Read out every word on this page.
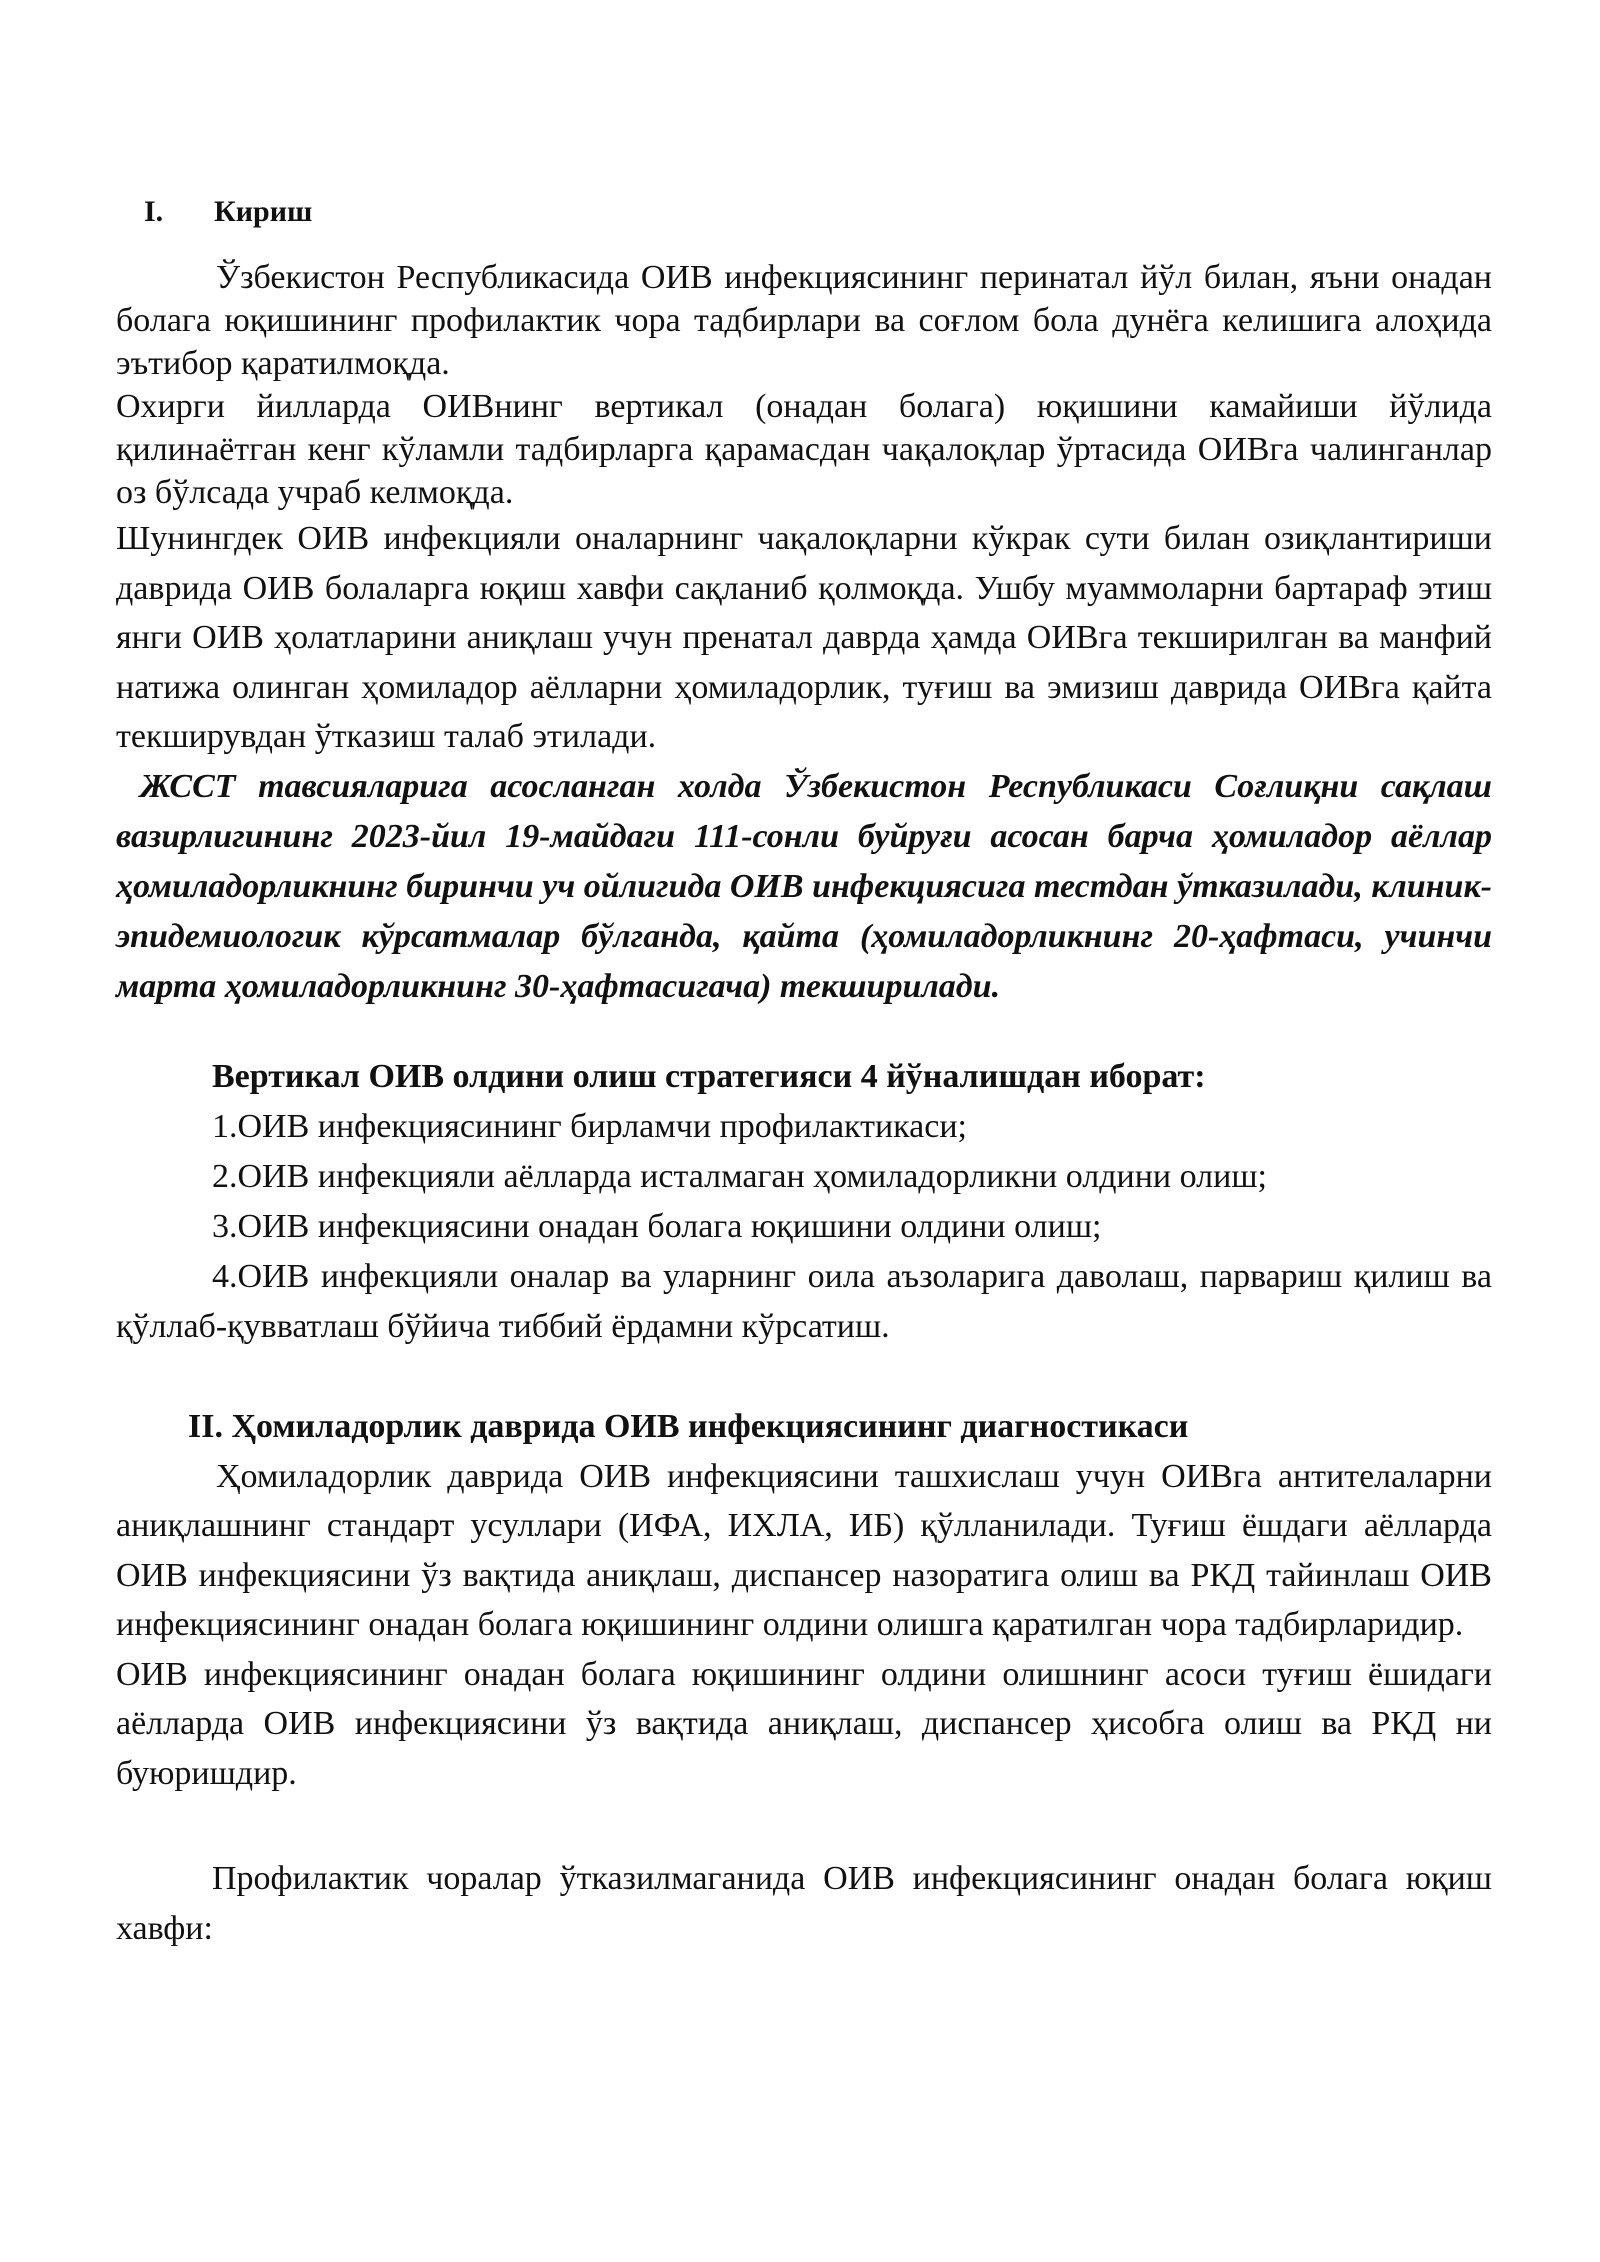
I.	Кириш

Ўзбекистон Республикасида ОИВ инфекциясининг перинатал йўл билан, яъни онадан болага юқишининг профилактик чора тадбирлари ва соғлом бола дунёга келишига алоҳида эътибор қаратилмоқда.

Охирги йилларда ОИВнинг вертикал (онадан болага) юқишини камайиши йўлида қилинаётган кенг кўламли тадбирларга қарамасдан чақалоқлар ўртасида ОИВга чалинганлар оз бўлсада учраб келмоқда.

Шунингдек ОИВ инфекцияли оналарнинг чақалоқларни кўкрак сути билан озиқлантириши даврида ОИВ болаларга юқиш хавфи сақланиб қолмоқда. Ушбу муаммоларни бартараф этиш янги ОИВ ҳолатларини аниқлаш учун пренатал даврда ҳамда ОИВга текширилган ва манфий натижа олинган ҳомиладор аёлларни ҳомиладорлик, туғиш ва эмизиш даврида ОИВга қайта текширувдан ўтказиш талаб этилади.

ЖССТ тавсияларига асосланган холда Ўзбекистон Республикаси Соғлиқни сақлаш вазирлигининг 2023-йил 19-майдаги 111-сонли буйруғи асосан барча ҳомиладор аёллар ҳомиладорликнинг биринчи уч ойлигида ОИВ инфекциясига тестдан ўтказилади, клиник-эпидемиологик кўрсатмалар бўлганда, қайта (ҳомиладорликнинг 20-ҳафтаси, учинчи марта ҳомиладорликнинг 30-ҳафтасигача) текширилади.

Вертикал ОИВ олдини олиш стратегияси 4 йўналишдан иборат:

1.ОИВ инфекциясининг бирламчи профилактикаси;

2.ОИВ инфекцияли аёлларда исталмаган ҳомиладорликни олдини олиш;

3.ОИВ инфекциясини онадан болага юқишини олдини олиш;

4.ОИВ инфекцияли оналар ва уларнинг оила аъзоларига даволаш, парвариш қилиш ва қўллаб-қувватлаш бўйича тиббий ёрдамни кўрсатиш.

II. Ҳомиладорлик даврида ОИВ инфекциясининг диагностикаси

Ҳомиладорлик даврида ОИВ инфекциясини ташхислаш учун ОИВга антителаларни аниқлашнинг стандарт усуллари (ИФА, ИХЛА, ИБ) қўлланилади. Туғиш ёшдаги аёлларда ОИВ инфекциясини ўз вақтида аниқлаш, диспансер назоратига олиш ва РКД тайинлаш ОИВ инфекциясининг онадан болага юқишининг олдини олишга қаратилган чора тадбирларидир.

ОИВ инфекциясининг онадан болага юқишининг олдини олишнинг асоси туғиш ёшидаги аёлларда ОИВ инфекциясини ўз вақтида аниқлаш, диспансер ҳисобга олиш ва РКД ни буюришдир.

Профилактик чоралар ўтказилмаганида ОИВ инфекциясининг онадан болага юқиш хавфи:
